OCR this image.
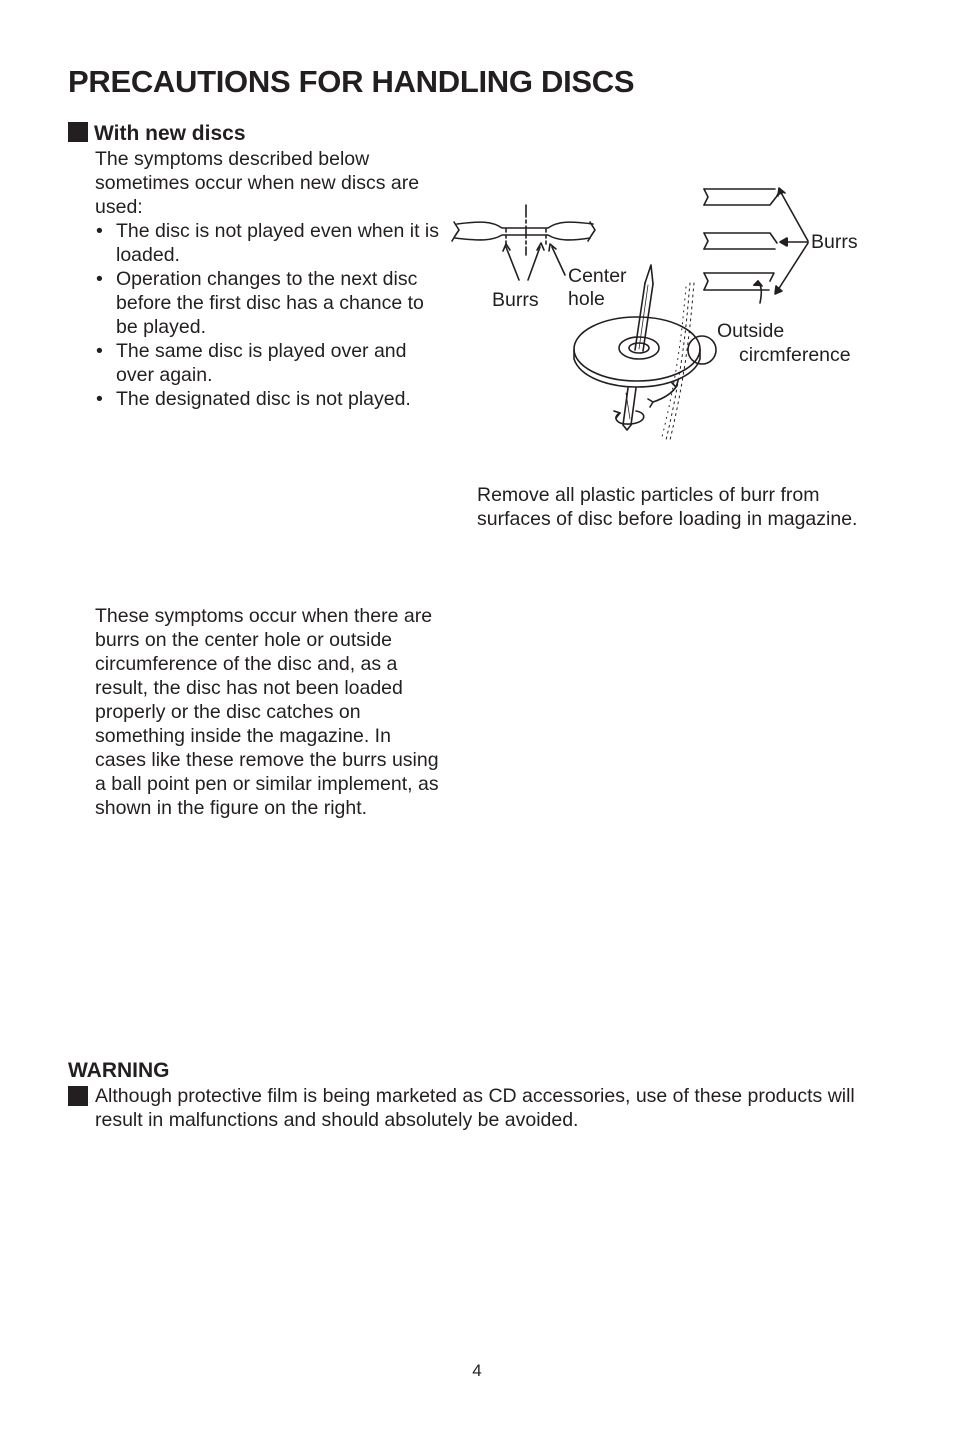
PRECAUTIONS FOR HANDLING DISCS
With new discs
The symptoms described below sometimes occur when new discs are used:
• The disc is not played even when it is loaded.
• Operation changes to the next disc before the first disc has a chance to be played.
• The same disc is played over and over again.
• The designated disc is not played.
Burrs
Center
hole
Burrs
Outside
circmference
Remove all plastic particles of burr from surfaces of disc before loading in magazine.
These symptoms occur when there are burrs on the center hole or outside circumference of the disc and, as a result, the disc has not been loaded properly or the disc catches on something inside the magazine. In cases like these remove the burrs using a ball point pen or similar implement, as shown in the figure on the right.
WARNING
Although protective film is being marketed as CD accessories, use of these products will result in malfunctions and should absolutely be avoided.
4
